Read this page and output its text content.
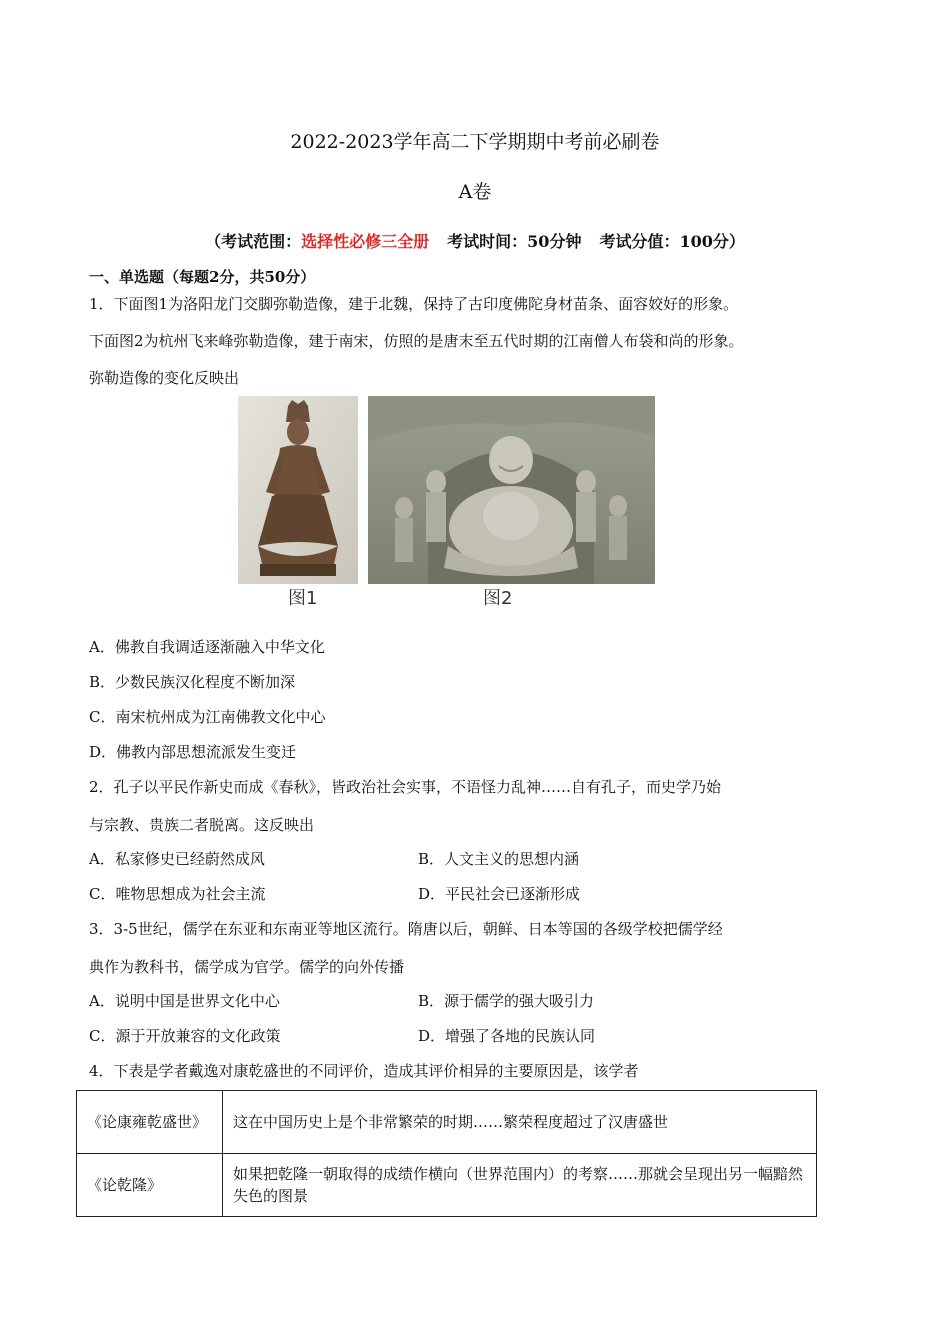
2022-2023学年高二下学期期中考前必刷卷
A卷
（考试范围：选择性必修三全册 考试时间：50分钟 考试分值：100分）
一、单选题（每题2分，共50分）
1．下面图1为洛阳龙门交脚弥勒造像，建于北魏，保持了古印度佛陀身材苗条、面容姣好的形象。
下面图2为杭州飞来峰弥勒造像，建于南宋，仿照的是唐末至五代时期的江南僧人布袋和尚的形象。
弥勒造像的变化反映出
图1	图2
A．佛教自我调适逐渐融入中华文化
B．少数民族汉化程度不断加深
C．南宋杭州成为江南佛教文化中心
D．佛教内部思想流派发生变迁
2．孔子以平民作新史而成《春秋》，皆政治社会实事，不语怪力乱神……自有孔子，而史学乃始
与宗教、贵族二者脱离。这反映出
A．私家修史已经蔚然成风	B．人文主义的思想内涵
C．唯物思想成为社会主流	D．平民社会已逐渐形成
3．3-5世纪，儒学在东亚和东南亚等地区流行。隋唐以后，朝鲜、日本等国的各级学校把儒学经
典作为教科书，儒学成为官学。儒学的向外传播
A．说明中国是世界文化中心	B．源于儒学的强大吸引力
C．源于开放兼容的文化政策	D．增强了各地的民族认同
4．下表是学者戴逸对康乾盛世的不同评价，造成其评价相异的主要原因是，该学者
《论康雍乾盛世》	这在中国历史上是个非常繁荣的时期……繁荣程度超过了汉唐盛世
《论乾隆》	如果把乾隆一朝取得的成绩作横向（世界范围内）的考察……那就会呈现出另一幅黯然失色的图景
